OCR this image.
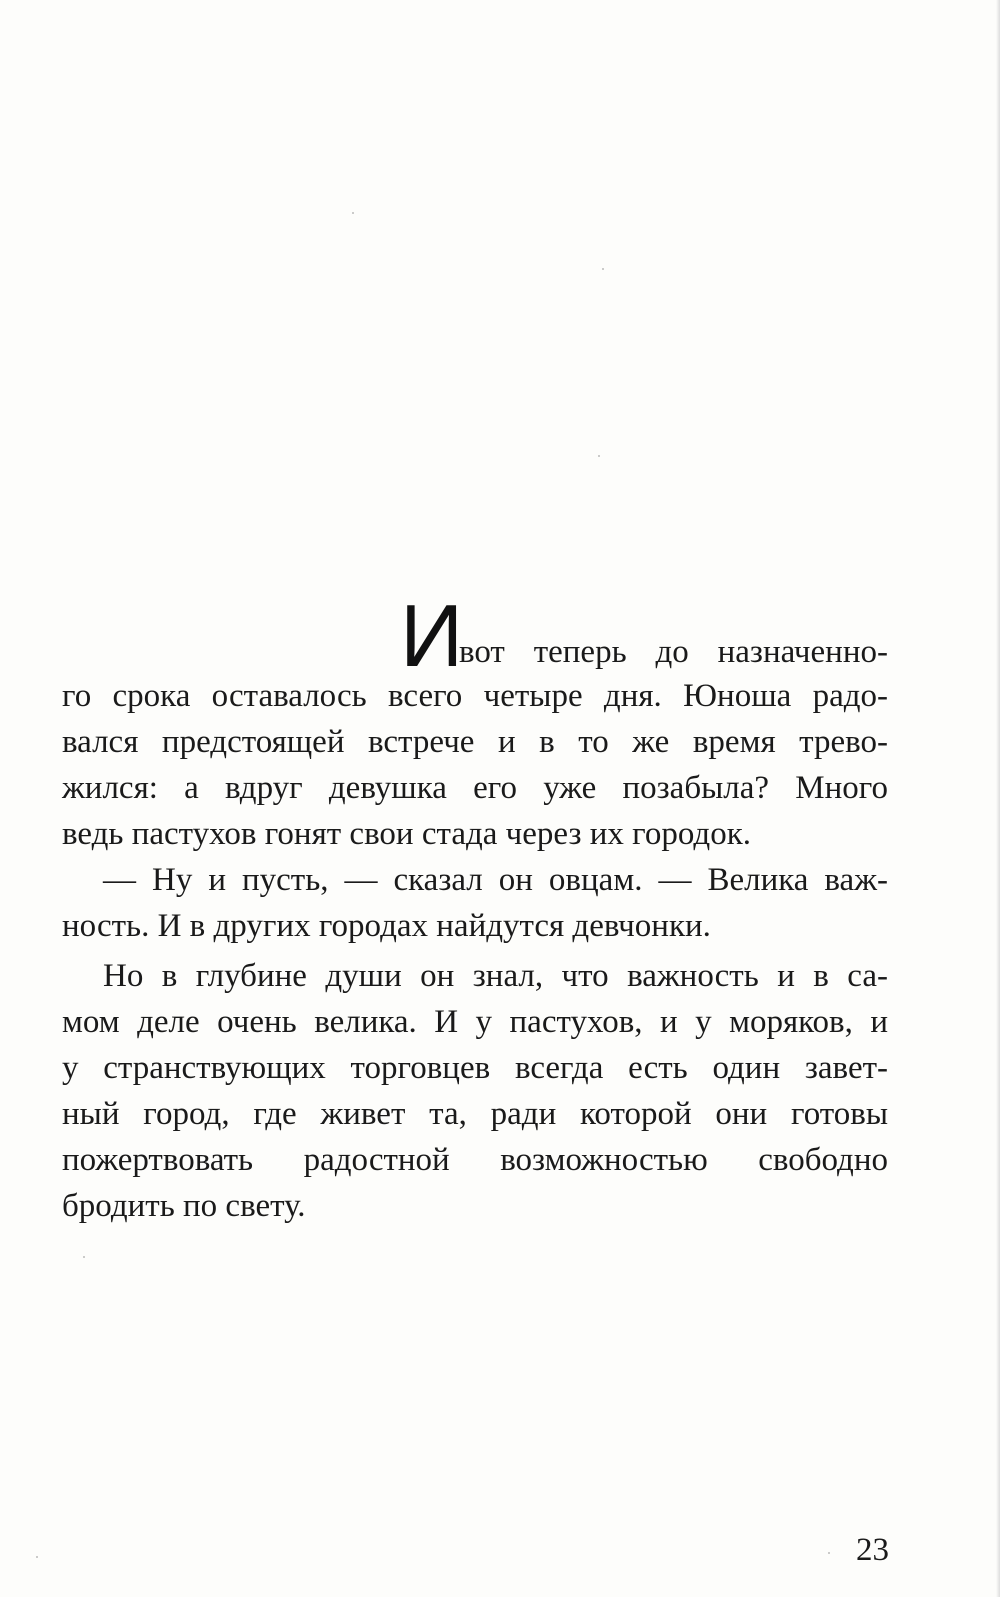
И
вот теперь до назначенно-
го срока оставалось всего четыре дня. Юноша радо-
вался предстоящей встрече и в то же время трево-
жился: а вдруг девушка его уже позабыла? Много
ведь пастухов гонят свои стада через их городок.
— Ну и пусть, — сказал он овцам. — Велика важ-
ность. И в других городах найдутся девчонки.
Но в глубине души он знал, что важность и в са-
мом деле очень велика. И у пастухов, и у моряков, и
у странствующих торговцев всегда есть один завет-
ный город, где живет та, ради которой они готовы
пожертвовать радостной возможностью свободно
бродить по свету.
23
